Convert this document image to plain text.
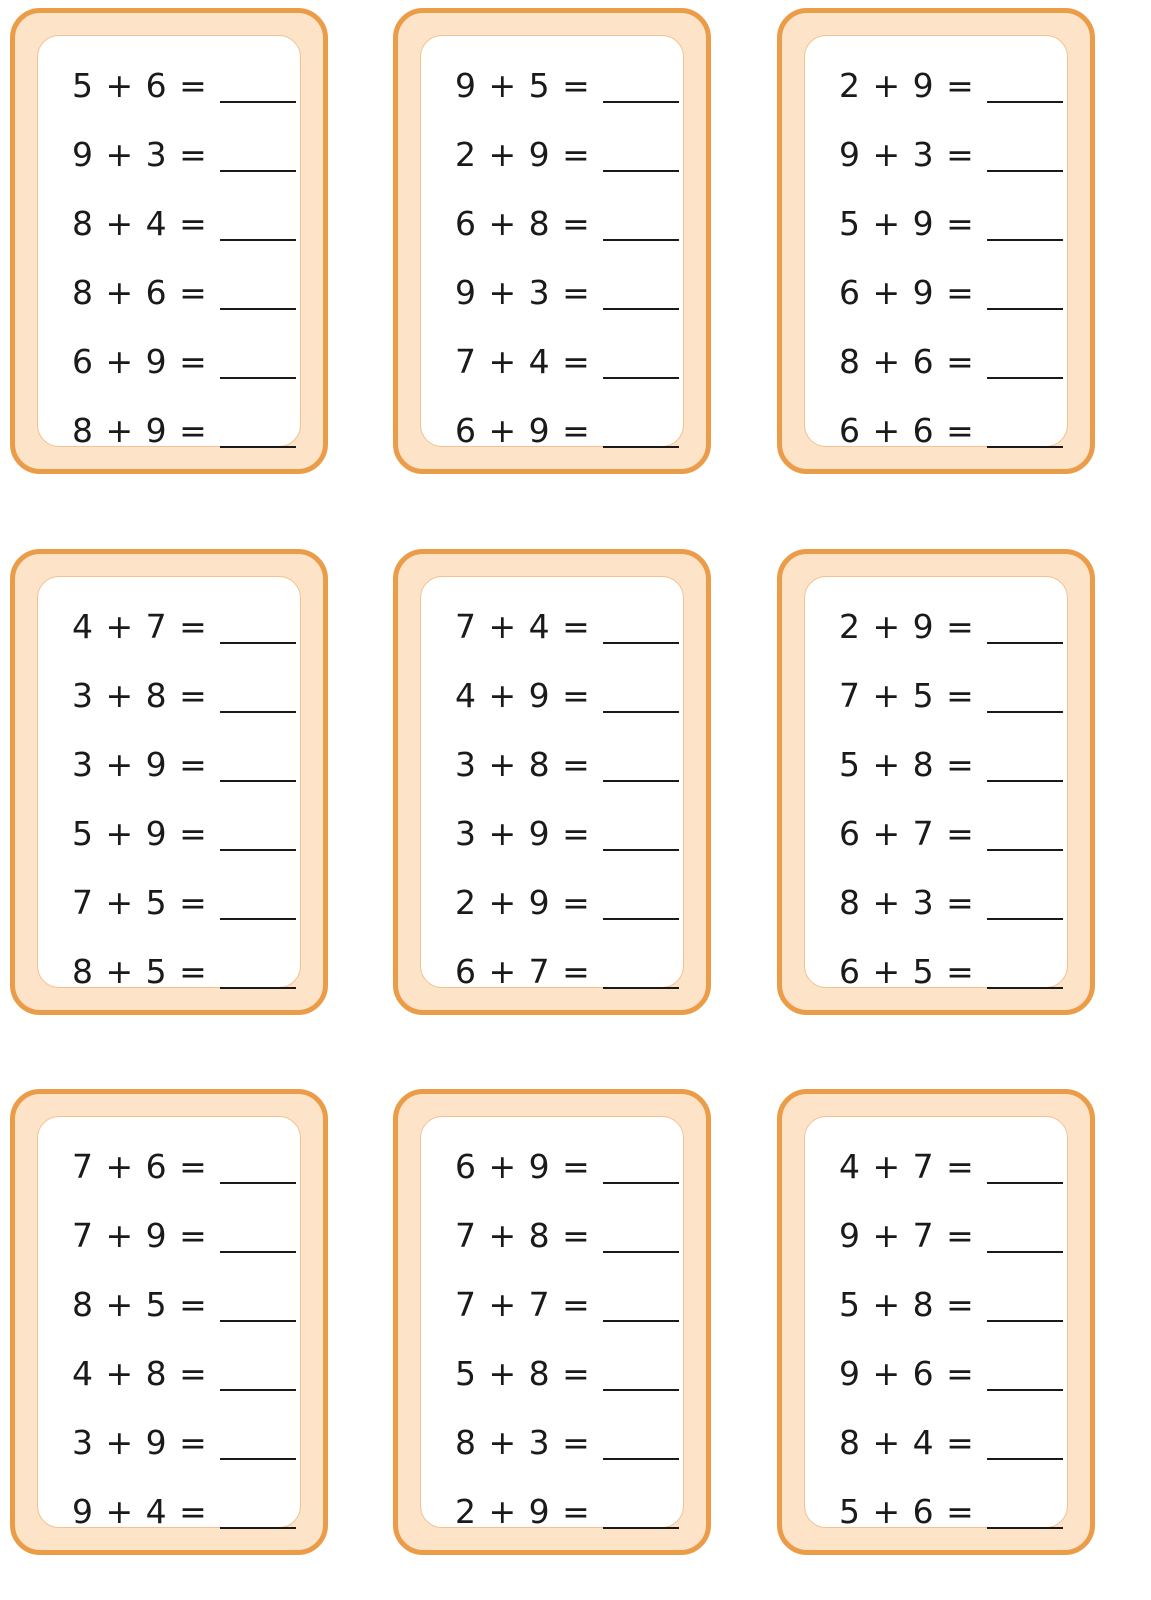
5 + 6 =
9 + 3 =
8 + 4 =
8 + 6 =
6 + 9 =
8 + 9 =
9 + 5 =
2 + 9 =
6 + 8 =
9 + 3 =
7 + 4 =
6 + 9 =
2 + 9 =
9 + 3 =
5 + 9 =
6 + 9 =
8 + 6 =
6 + 6 =
4 + 7 =
3 + 8 =
3 + 9 =
5 + 9 =
7 + 5 =
8 + 5 =
7 + 4 =
4 + 9 =
3 + 8 =
3 + 9 =
2 + 9 =
6 + 7 =
2 + 9 =
7 + 5 =
5 + 8 =
6 + 7 =
8 + 3 =
6 + 5 =
7 + 6 =
7 + 9 =
8 + 5 =
4 + 8 =
3 + 9 =
9 + 4 =
6 + 9 =
7 + 8 =
7 + 7 =
5 + 8 =
8 + 3 =
2 + 9 =
4 + 7 =
9 + 7 =
5 + 8 =
9 + 6 =
8 + 4 =
5 + 6 =
